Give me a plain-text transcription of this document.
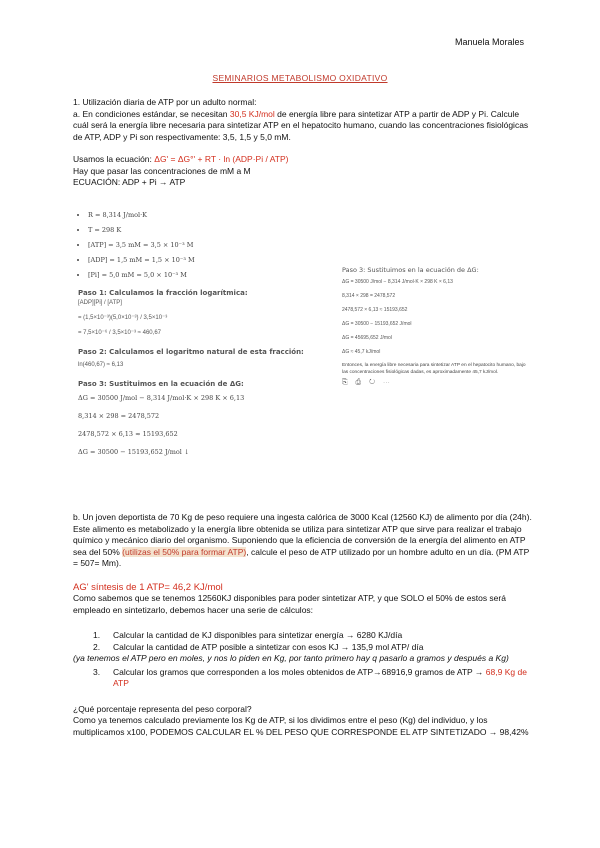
Manuela Morales
SEMINARIOS METABOLISMO OXIDATIVO
1. Utilización diaria de ATP por un adulto normal:
a. En condiciones estándar, se necesitan 30,5 KJ/mol de energía libre para sintetizar ATP a partir de ADP y Pi. Calcule cuál será la energía libre necesaria para sintetizar ATP en el hepatocito humano, cuando las concentraciones fisiológicas de ATP, ADP y Pi son respectivamente: 3,5, 1,5 y 5,0 mM.
Usamos la ecuación: ΔG' = ΔG°' + RT · ln (ADP·Pi / ATP)
Hay que pasar las concentraciones de mM a M
ECUACIÓN: ADP + Pi → ATP
• R = 8,314 J/mol·K
• T = 298 K
• [ATP] = 3,5 mM = 3,5 × 10⁻³ M
• [ADP] = 1,5 mM = 1,5 × 10⁻³ M
• [Pi] = 5,0 mM = 5,0 × 10⁻³ M
Paso 1: Calculamos la fracción logarítmica:
[ADP][Pi] / [ATP]
= (1,5×10⁻³)(5,0×10⁻³) / 3,5×10⁻³
= 7,5×10⁻⁶ / 3,5×10⁻³ ≈ 460,67
Paso 2: Calculamos el logaritmo natural de esta fracción:
ln(460,67) ≈ 6,13
Paso 3: Sustituimos en la ecuación de ΔG:
ΔG = 30500 J/mol − 8,314 J/mol·K × 298 K × 6,13
8,314 × 298 = 2478,572
2478,572 × 6,13 ≈ 15193,652
ΔG = 30500 − 15193,652 J/mol ↓
Paso 3: Sustituimos en la ecuación de ΔG:
ΔG = 30500 J/mol − 8,314 J/mol·K × 298 K × 6,13
8,314 × 298 = 2478,572
2478,572 × 6,13 ≈ 15193,652
ΔG = 30500 − 15193,652 J/mol
ΔG = 45695,652 J/mol
ΔG ≈ 45,7 kJ/mol
Entonces, la energía libre necesaria para sintetizar ATP en el hepatocito humano, bajo las concentraciones fisiológicas dadas, es aproximadamente 45,7 kJ/mol.
⎘ ⎙ ↻ ⋯
b. Un joven deportista de 70 Kg de peso requiere una ingesta calórica de 3000 Kcal (12560 KJ) de alimento por día (24h). Este alimento es metabolizado y la energía libre obtenida se utiliza para sintetizar ATP que sirve para realizar el trabajo químico y mecánico diario del organismo. Suponiendo que la eficiencia de conversión de la energía del alimento en ATP sea del 50% (utilizas el 50% para formar ATP), calcule el peso de ATP utilizado por un hombre adulto en un día. (PM ATP = 507= Mm).
AG' síntesis de 1 ATP= 46,2 KJ/mol
Como sabemos que se tenemos 12560KJ disponibles para poder sintetizar ATP, y que SOLO el 50% de estos será empleado en sintetizarlo, debemos hacer una serie de cálculos:
1. Calcular la cantidad de KJ disponibles para sintetizar energía → 6280 KJ/día
2. Calcular la cantidad de ATP posible a sintetizar con esos KJ → 135,9 mol ATP/ día
(ya tenemos el ATP pero en moles, y nos lo piden en Kg, por tanto primero hay q pasarlo a gramos y después a Kg)
3. Calcular los gramos que corresponden a los moles obtenidos de ATP→68916,9 gramos de ATP → 68,9 Kg de ATP
¿Qué porcentaje representa del peso corporal?
Como ya tenemos calculado previamente los Kg de ATP, si los dividimos entre el peso (Kg) del individuo, y los multiplicamos x100, PODEMOS CALCULAR EL % DEL PESO QUE CORRESPONDE EL ATP SINTETIZADO → 98,42%
